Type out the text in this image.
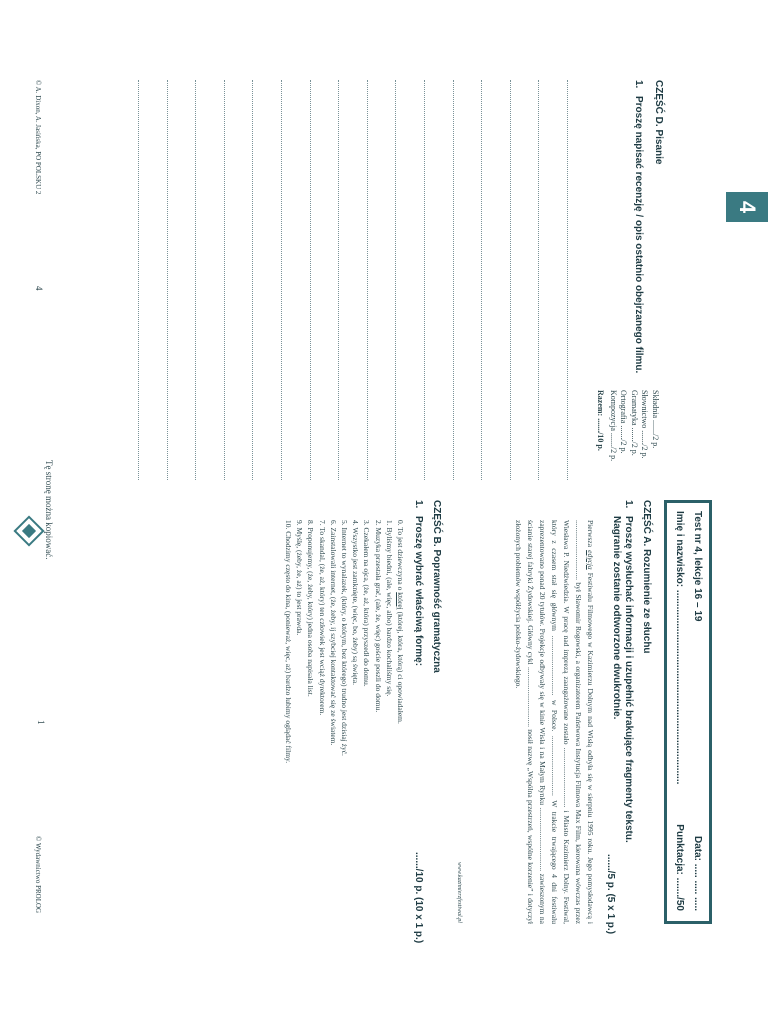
4
CZĘŚĆ D. Pisanie
1.
Proszę napisać recenzję / opis ostatnio obejrzanego filmu.
Składnia ......./2 p.
Słownictwo ......./2 p.
Gramatyka ......./2 p.
Ortografia ......./2 p.
Kompozycja ......./2 p.
Razem: ......./10 p.
© A. Dixon, A. Jasińska, PO POLSKU 2
4
Tę stronę można kopiować.
Test nr 4, lekcje 16 – 19
Data: ..... ..... .....
Imię i nazwisko: ......................................................................
Punktacja: ......./50
CZĘŚĆ A. Rozumienie ze słuchu
1.
Proszę wysłuchać informacji i uzupełnić brakujące fragmenty tekstu. Nagranie zostanie odtworzone dwukrotnie.
....../5 p. (5 x 1 p.)
Pierwsza edycja Festiwalu Filmowego w Kazimierzu Dolnym nad Wisłą odbyła się w sierpniu 1995 roku. Jego pomysłodawcą i ................................ był Sławomir Rogowski, a organizatorem Państwowa Instytucja Filmowa Max Film, kierowana wówczas przez Wiesława P. Niedźwiedzia. W pracę nad imprezą zaangażowane zostało ................................ i Miasto Kazimierz Dolny. Festiwal, który z czasem stał się głównym ................................ w Polsce. ................................ W trakcie trwającego 4 dni festiwalu zaprezentowano ponad 20 tytułów. Projekcje odbywały się w kinie Wisła i na Małym Rynku .................................. zawieszonym na ścianie starej fabryki Żydowskiej. Główny cykl ................................ nosił nazwę „Wspólna przestrzeń, wspólne korzenie” i dotyczył złożonych problemów współżycia polsko-żydowskiego.
www.kazimierzfestiwal.pl
CZĘŚĆ B. Poprawność gramatyczna
1.
Proszę wybrać właściwą formę:
....../10 p. (10 x 1 p.)
0. To jest dziewczyna o której (której, która, którą) ci opowiadałem.
1. Byliśmy biedni, (ale, więc, albo) bardzo kochaliśmy się.
2. Muzyka przestała grać, (ale, że, więc) goście poszli do domu.
3. Czekałem na ojca, (że, aż, która) przyszedł do domu.
4. Wszystko jest zamknięte, (więc, bo, żeby) są święta.
5. Internet to wynalazek, (który, o którym, bez którego) trudno jest dzisiaj żyć.
6. Zainstalowali internet, (że, żeby, ij szybciej kontaktować się ze światem.
7. To skandal, (że, aż, który) ten człowiek jest wciąż dyrektorem.
8. Proponujemy, (że, żeby, który) jedna osoba napisała list.
9. Myślę, (żeby, że, aż) to jest prawda.
10. Chodzimy często do kina, (ponieważ, więc, aż) bardzo lubimy oglądać filmy.
1
© Wydawnictwo PROLOG
